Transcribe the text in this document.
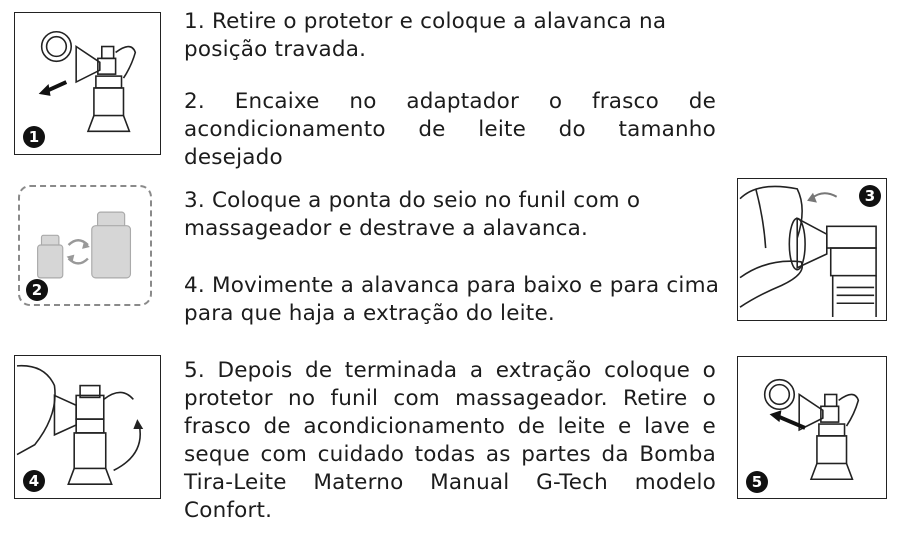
1
2
3
4	5

1. Retire o protetor e coloque a alavanca na posição travada.

2. Encaixe no adaptador o frasco de acondicionamento de leite do tamanho desejado

3. Coloque a ponta do seio no funil com o massageador e destrave a alavanca.

4. Movimente a alavanca para baixo e para cima para que haja a extração do leite.

5. Depois de terminada a extração coloque o protetor no funil com massageador. Retire o frasco de acondicionamento de leite e lave e seque com cuidado todas as partes da Bomba Tira-Leite Materno Manual G-Tech modelo Confort.
